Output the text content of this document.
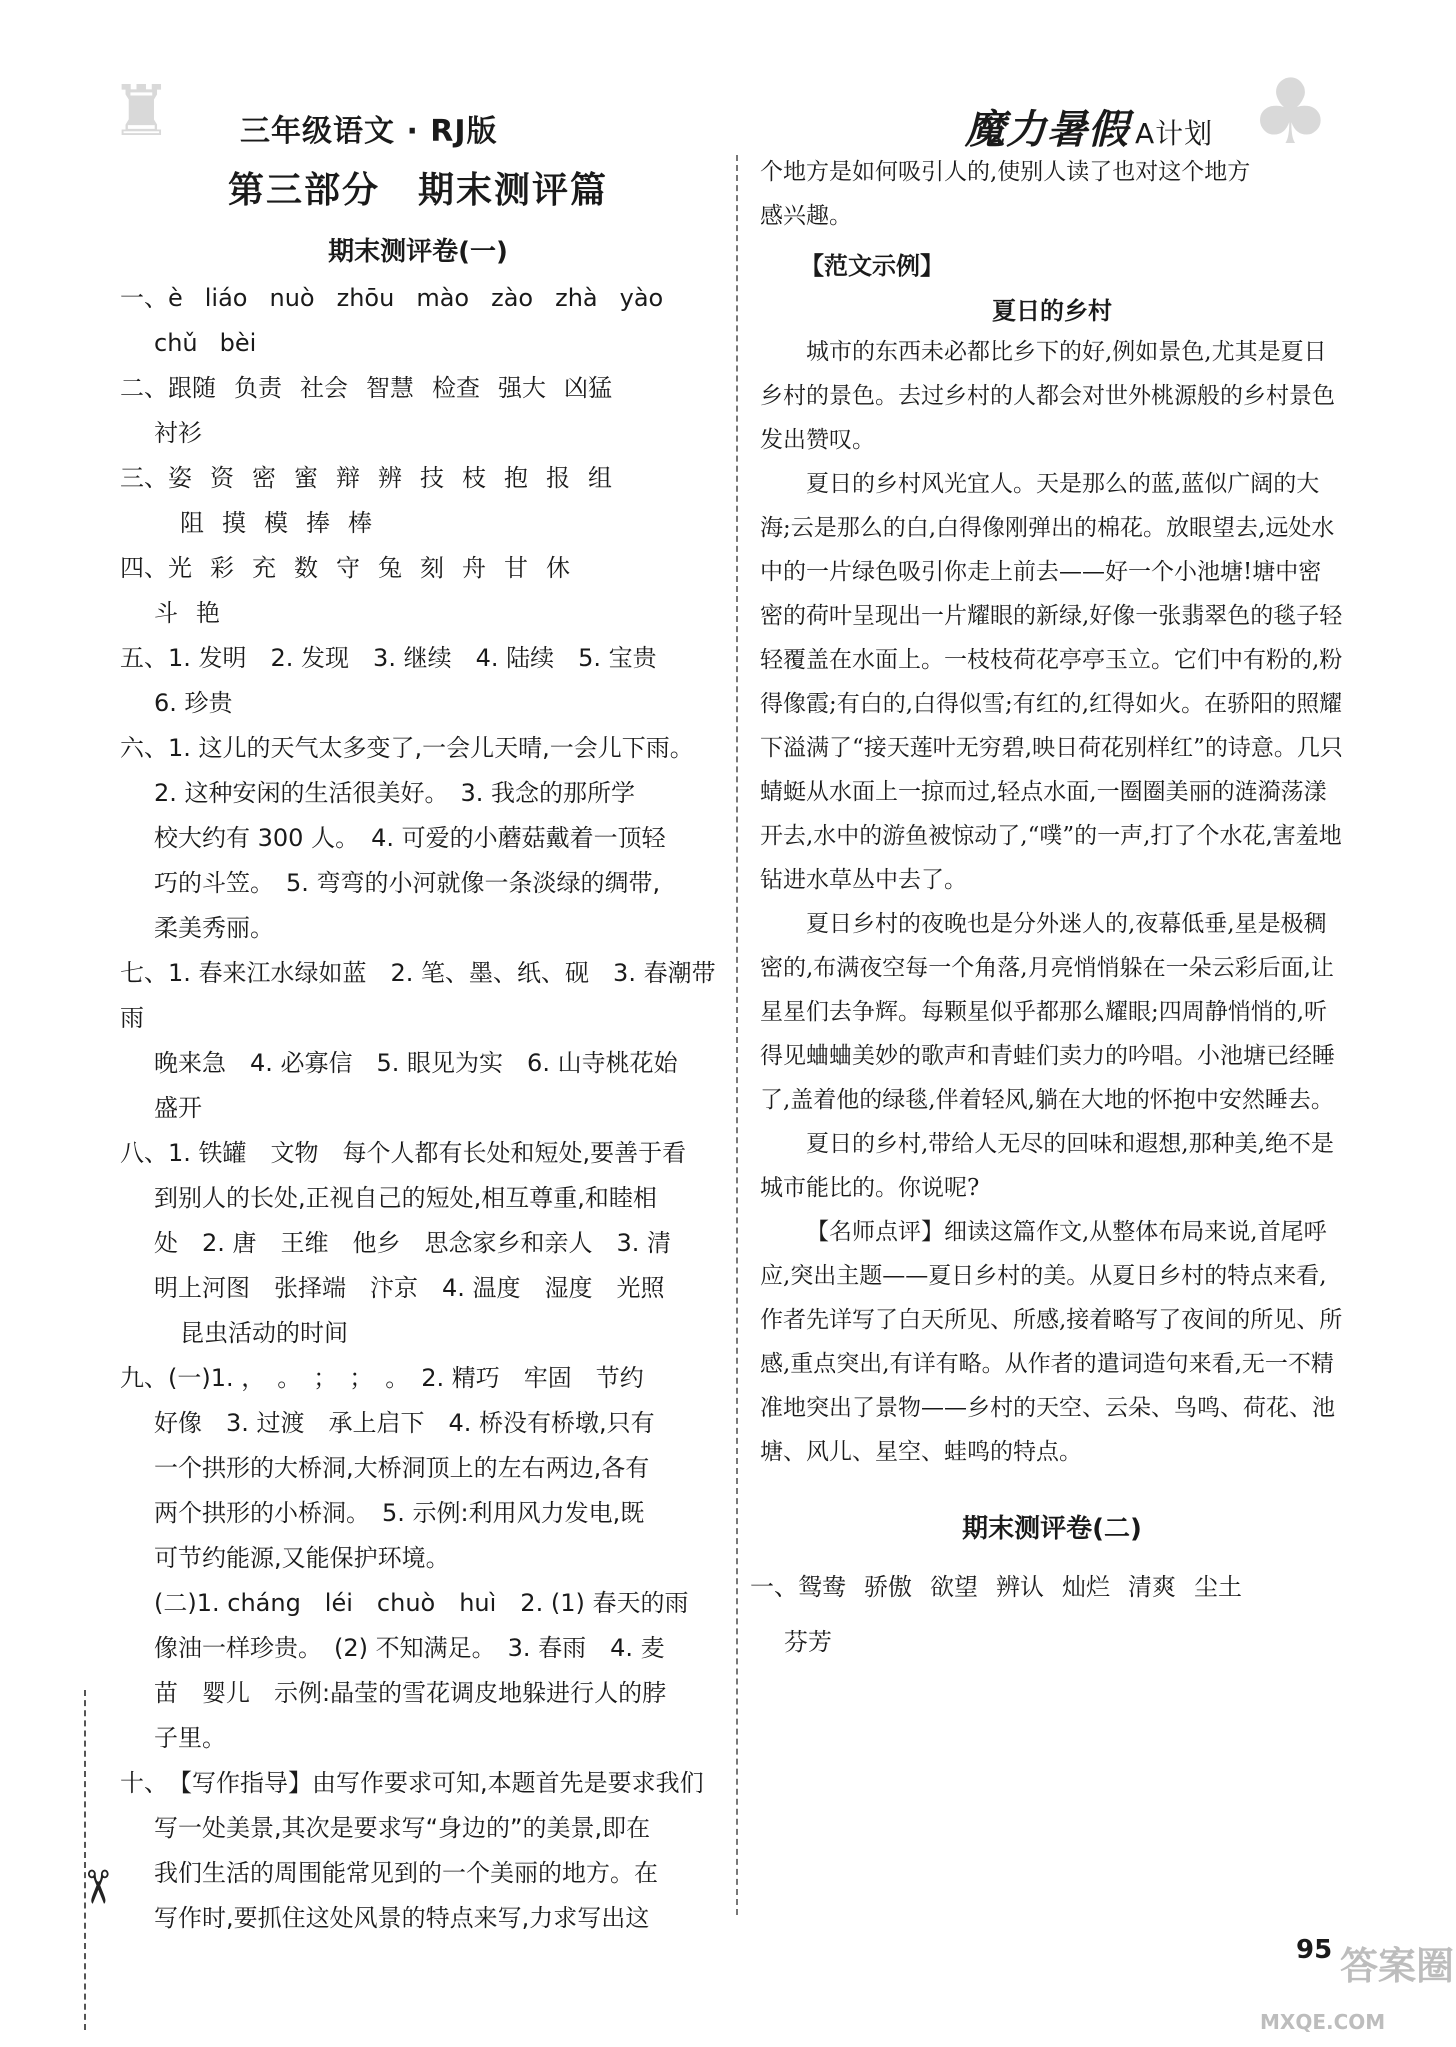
♜	♣
三年级语文 · RJ版	魔力暑假 A计划
✂
第三部分　期末测评篇
期末测评卷(一)
一、è liáo nuò zhōu mào zào zhà yào
chǔ bèi
二、跟随 负责 社会 智慧 检查 强大 凶猛
衬衫
三、姿 资 密 蜜 辩 辨 技 枝 抱 报 组
阻 摸 模 捧 棒
四、光 彩 充 数 守 兔 刻 舟 甘 休
斗 艳
五、1. 发明　2. 发现　3. 继续　4. 陆续　5. 宝贵
6. 珍贵
六、1. 这儿的天气太多变了,一会儿天晴,一会儿下雨。
2. 这种安闲的生活很美好。　3. 我念的那所学
校大约有 300 人。　4. 可爱的小蘑菇戴着一顶轻
巧的斗笠。　5. 弯弯的小河就像一条淡绿的绸带,
柔美秀丽。
七、1. 春来江水绿如蓝　2. 笔、墨、纸、砚　3. 春潮带雨
晚来急　4. 必寡信　5. 眼见为实　6. 山寺桃花始
盛开
八、1. 铁罐　文物　每个人都有长处和短处,要善于看
到别人的长处,正视自己的短处,相互尊重,和睦相
处　2. 唐　王维　他乡　思念家乡和亲人　3. 清
明上河图　张择端　汴京　4. 温度　湿度　光照
昆虫活动的时间
九、(一)1. ，　。　；　；　。　2. 精巧　牢固　节约
好像　3. 过渡　承上启下　4. 桥没有桥墩,只有
一个拱形的大桥洞,大桥洞顶上的左右两边,各有
两个拱形的小桥洞。　5. 示例:利用风力发电,既
可节约能源,又能保护环境。
(二)1. cháng　léi　chuò　huì　2. (1) 春天的雨
像油一样珍贵。　(2) 不知满足。　3. 春雨　4. 麦
苗　婴儿　示例:晶莹的雪花调皮地躲进行人的脖
子里。
十、【写作指导】由写作要求可知,本题首先是要求我们
写一处美景,其次是要求写“身边的”的美景,即在
我们生活的周围能常见到的一个美丽的地方。在
写作时,要抓住这处风景的特点来写,力求写出这

个地方是如何吸引人的,使别人读了也对这个地方

感兴趣。

【范文示例】
夏日的乡村

城市的东西未必都比乡下的好,例如景色,尤其是夏日乡村的景色。去过乡村的人都会对世外桃源般的乡村景色发出赞叹。

夏日的乡村风光宜人。天是那么的蓝,蓝似广阔的大海;云是那么的白,白得像刚弹出的棉花。放眼望去,远处水中的一片绿色吸引你走上前去——好一个小池塘!塘中密密的荷叶呈现出一片耀眼的新绿,好像一张翡翠色的毯子轻轻覆盖在水面上。一枝枝荷花亭亭玉立。它们中有粉的,粉得像霞;有白的,白得似雪;有红的,红得如火。在骄阳的照耀下溢满了“接天莲叶无穷碧,映日荷花别样红”的诗意。几只蜻蜓从水面上一掠而过,轻点水面,一圈圈美丽的涟漪荡漾开去,水中的游鱼被惊动了,“噗”的一声,打了个水花,害羞地钻进水草丛中去了。

夏日乡村的夜晚也是分外迷人的,夜幕低垂,星是极稠密的,布满夜空每一个角落,月亮悄悄躲在一朵云彩后面,让星星们去争辉。每颗星似乎都那么耀眼;四周静悄悄的,听得见蛐蛐美妙的歌声和青蛙们卖力的吟唱。小池塘已经睡了,盖着他的绿毯,伴着轻风,躺在大地的怀抱中安然睡去。

夏日的乡村,带给人无尽的回味和遐想,那种美,绝不是城市能比的。你说呢?

【名师点评】细读这篇作文,从整体布局来说,首尾呼应,突出主题——夏日乡村的美。从夏日乡村的特点来看,作者先详写了白天所见、所感,接着略写了夜间的所见、所感,重点突出,有详有略。从作者的遣词造句来看,无一不精准地突出了景物——乡村的天空、云朵、鸟鸣、荷花、池塘、风儿、星空、蛙鸣的特点。

期末测评卷(二)
一、鸳鸯 骄傲 欲望 辨认 灿烂 清爽 尘土
芬芳
95 答案圈
MXQE.COM
